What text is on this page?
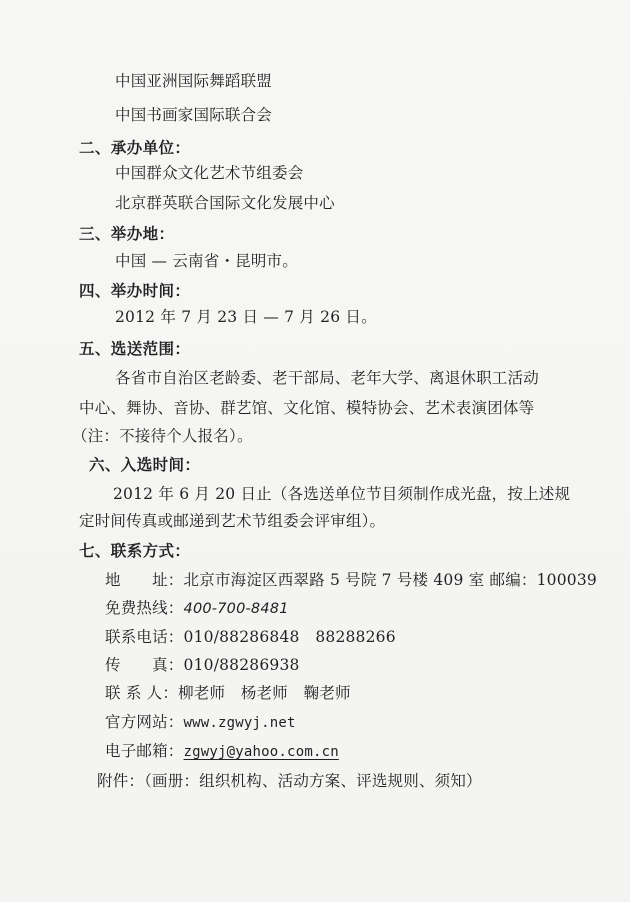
中国亚洲国际舞蹈联盟
中国书画家国际联合会
二、承办单位：
中国群众文化艺术节组委会
北京群英联合国际文化发展中心
三、举办地：
中国 — 云南省・昆明市。
四、举办时间：
2012 年 7 月 23 日 — 7 月 26 日。
五、选送范围：
各省市自治区老龄委、老干部局、老年大学、离退休职工活动
中心、舞协、音协、群艺馆、文化馆、模特协会、艺术表演团体等
（注：不接待个人报名）。
六、入选时间：
2012 年 6 月 20 日止（各选送单位节目须制作成光盘，按上述规
定时间传真或邮递到艺术节组委会评审组）。
七、联系方式：
地　　址：北京市海淀区西翠路 5 号院 7 号楼 409 室 邮编：100039
免费热线：400-700-8481
联系电话：010/88286848　88288266
传　　真：010/88286938
联 系 人：柳老师　杨老师　鞠老师
官方网站：www.zgwyj.net
电子邮箱：zgwyj@yahoo.com.cn
附件：（画册：组织机构、活动方案、评选规则、须知）
